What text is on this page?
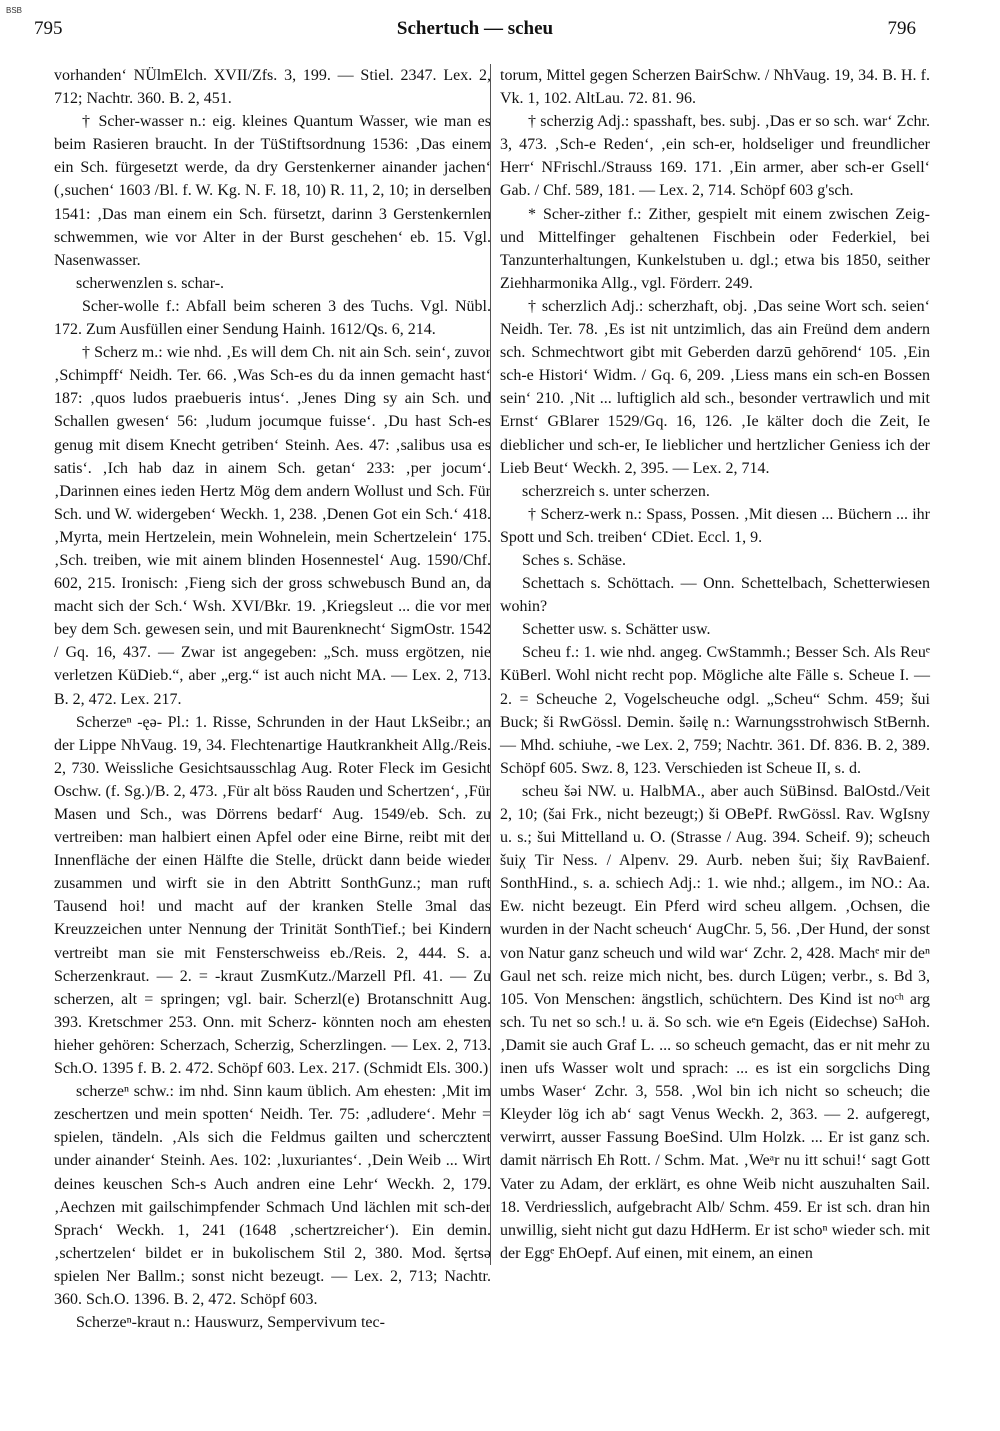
BSB
795	Schertuch — scheu	796

vorhanden‘ NÜlmElch. XVII/Zfs. 3, 199. — Stiel. 2347. Lex. 2, 712; Nachtr. 360. B. 2, 451.

† Scher-wasser n.: eig. kleines Quantum Wasser, wie man es beim Rasieren braucht. In der TüStiftsordnung 1536: ‚Das einem ein Sch. fürgesetzt werde, da dry Gerstenkerner ainander jachen‘ (‚suchen‘ 1603 /Bl. f. W. Kg. N. F. 18, 10) R. 11, 2, 10; in derselben 1541: ‚Das man einem ein Sch. fürsetzt, darinn 3 Gerstenkernlen schwemmen, wie vor Alter in der Burst geschehen‘ eb. 15. Vgl. Nasenwasser.

scherwenzlen s. schar-.

Scher-wolle f.: Abfall beim scheren 3 des Tuchs. Vgl. Nübl. 172. Zum Ausfüllen einer Sendung Hainh. 1612/Qs. 6, 214.

† Scherz m.: wie nhd. ‚Es will dem Ch. nit ain Sch. sein‘, zuvor ‚Schimpff‘ Neidh. Ter. 66. ‚Was Sch-es du da innen gemacht hast‘ 187: ‚quos ludos praebueris intus‘. ‚Jenes Ding sy ain Sch. und Schallen gwesen‘ 56: ‚ludum jocumque fuisse‘. ‚Du hast Sch-es genug mit disem Knecht getriben‘ Steinh. Aes. 47: ‚salibus usa es satis‘. ‚Ich hab daz in ainem Sch. getan‘ 233: ‚per jocum‘. ‚Darinnen eines ieden Hertz Mög dem andern Wollust und Sch. Für Sch. und W. widergeben‘ Weckh. 1, 238. ‚Denen Got ein Sch.‘ 418. ‚Myrta, mein Hertzelein, mein Wohnelein, mein Schertzelein‘ 175. ‚Sch. treiben, wie mit ainem blinden Hosennestel‘ Aug. 1590/Chf. 602, 215. Ironisch: ‚Fieng sich der gross schwebusch Bund an, da macht sich der Sch.‘ Wsh. XVI/Bkr. 19. ‚Kriegsleut ... die vor mer bey dem Sch. gewesen sein, und mit Baurenknecht‘ SigmOstr. 1542 / Gq. 16, 437. — Zwar ist angegeben: „Sch. muss ergötzen, nie verletzen KüDieb.“, aber „erg.“ ist auch nicht MA. — Lex. 2, 713. B. 2, 472. Lex. 217.

Scherzeⁿ -ęə- Pl.: 1. Risse, Schrunden in der Haut LkSeibr.; an der Lippe NhVaug. 19, 34. Flechtenartige Hautkrankheit Allg./Reis. 2, 730. Weissliche Gesichtsausschlag Aug. Roter Fleck im Gesicht Oschw. (f. Sg.)/B. 2, 473. ‚Für alt böss Rauden und Schertzen‘, ‚Für Masen und Sch., was Dörrens bedarf‘ Aug. 1549/eb. Sch. zu vertreiben: man halbiert einen Apfel oder eine Birne, reibt mit der Innenfläche der einen Hälfte die Stelle, drückt dann beide wieder zusammen und wirft sie in den Abtritt SonthGunz.; man ruft Tausend hoi! und macht auf der kranken Stelle 3mal das Kreuzzeichen unter Nennung der Trinität SonthTief.; bei Kindern vertreibt man sie mit Fensterschweiss eb./Reis. 2, 444. S. a. Scherzenkraut. — 2. = -kraut ZusmKutz./Marzell Pfl. 41. — Zu scherzen, alt = springen; vgl. bair. Scherzl(e) Brotanschnitt Aug. 393. Kretschmer 253. Onn. mit Scherz- könnten noch am ehesten hieher gehören: Scherzach, Scherzig, Scherzlingen. — Lex. 2, 713. Sch.O. 1395 f. B. 2. 472. Schöpf 603. Lex. 217. (Schmidt Els. 300.)

scherzeⁿ schw.: im nhd. Sinn kaum üblich. Am ehesten: ‚Mit im zeschertzen und mein spotten‘ Neidh. Ter. 75: ‚adludere‘. Mehr = spielen, tändeln. ‚Als sich die Feldmus gailten und schercztent under ainander‘ Steinh. Aes. 102: ‚luxuriantes‘. ‚Dein Weib ... Wirt deines keuschen Sch-s Auch andren eine Lehr‘ Weckh. 2, 179. ‚Aechzen mit gailschimpfender Schmach Und lächlen mit sch-der Sprach‘ Weckh. 1, 241 (1648 ‚schertzreicher‘). Ein demin. ‚schertzelen‘ bildet er in bukolischem Stil 2, 380. Mod. šęrtsə spielen Ner Ballm.; sonst nicht bezeugt. — Lex. 2, 713; Nachtr. 360. Sch.O. 1396. B. 2, 472. Schöpf 603.

Scherzeⁿ-kraut n.: Hauswurz, Sempervivum tec-

torum, Mittel gegen Scherzen BairSchw. / NhVaug. 19, 34. B. H. f. Vk. 1, 102. AltLau. 72. 81. 96.

† scherzig Adj.: spasshaft, bes. subj. ‚Das er so sch. war‘ Zchr. 3, 473. ‚Sch-e Reden‘, ‚ein sch-er, holdseliger und freundlicher Herr‘ NFrischl./Strauss 169. 171. ‚Ein armer, aber sch-er Gsell‘ Gab. / Chf. 589, 181. — Lex. 2, 714. Schöpf 603 g'sch.

* Scher-zither f.: Zither, gespielt mit einem zwischen Zeig- und Mittelfinger gehaltenen Fischbein oder Federkiel, bei Tanzunterhaltungen, Kunkelstuben u. dgl.; etwa bis 1850, seither Ziehharmonika Allg., vgl. Förderr. 249.

† scherzlich Adj.: scherzhaft, obj. ‚Das seine Wort sch. seien‘ Neidh. Ter. 78. ‚Es ist nit untzimlich, das ain Freünd dem andern sch. Schmechtwort gibt mit Geberden darzū gehōrend‘ 105. ‚Ein sch-e Histori‘ Widm. / Gq. 6, 209. ‚Liess mans ein sch-en Bossen sein‘ 210. ‚Nit ... luftiglich ald sch., besonder vertrawlich und mit Ernst‘ GBlarer 1529/Gq. 16, 126. ‚Ie kälter doch die Zeit, Ie dieblicher und sch-er, Ie lieblicher und hertzlicher Geniess ich der Lieb Beut‘ Weckh. 2, 395. — Lex. 2, 714.

scherzreich s. unter scherzen.

† Scherz-werk n.: Spass, Possen. ‚Mit diesen ... Büchern ... ihr Spott und Sch. treiben‘ CDiet. Eccl. 1, 9.

Sches s. Schäse.

Schettach s. Schöttach. — Onn. Schettelbach, Schetterwiesen wohin?

Schetter usw. s. Schätter usw.

Scheu f.: 1. wie nhd. angeg. CwStammh.; Besser Sch. Als Reuᵉ KüBerl. Wohl nicht recht pop. Mögliche alte Fälle s. Scheue I. — 2. = Scheuche 2, Vogelscheuche odgl. „Scheu“ Schm. 459; šui Buck; ši RwGössl. Demin. šəilę n.: Warnungsstrohwisch StBernh. — Mhd. schiuhe, -we Lex. 2, 759; Nachtr. 361. Df. 836. B. 2, 389. Schöpf 605. Swz. 8, 123. Verschieden ist Scheue II, s. d.

scheu šəi NW. u. HalbMA., aber auch SüBinsd. BalOstd./Veit 2, 10; (šai Frk., nicht bezeugt;) ši OBePf. RwGössl. Rav. WgIsny u. s.; šui Mittelland u. O. (Strasse / Aug. 394. Scheif. 9); scheuch šuiχ Tir Ness. / Alpenv. 29. Aurb. neben šui; šiχ RavBaienf. SonthHind., s. a. schiech Adj.: 1. wie nhd.; allgem., im NO.: Aa. Ew. nicht bezeugt. Ein Pferd wird scheu allgem. ‚Ochsen, die wurden in der Nacht scheuch‘ AugChr. 5, 56. ‚Der Hund, der sonst von Natur ganz scheuch und wild war‘ Zchr. 2, 428. Machᵉ mir deⁿ Gaul net sch. reize mich nicht, bes. durch Lügen; verbr., s. Bd 3, 105. Von Menschen: ängstlich, schüchtern. Des Kind ist noᶜʰ arg sch. Tu net so sch.! u. ä. So sch. wie eᵉn Egeis (Eidechse) SaHoh. ‚Damit sie auch Graf L. ... so scheuch gemacht, das er nit mehr zu inen ufs Wasser wolt und sprach: ... es ist ein sorgclichs Ding umbs Waser‘ Zchr. 3, 558. ‚Wol bin ich nicht so scheuch; die Kleyder lög ich ab‘ sagt Venus Weckh. 2, 363. — 2. aufgeregt, verwirrt, ausser Fassung BoeSind. Ulm Holzk. ... Er ist ganz sch. damit närrisch Eh Rott. / Schm. Mat. ‚Weᵃr nu itt schui!‘ sagt Gott Vater zu Adam, der erklärt, es ohne Weib nicht auszuhalten Sail. 18. Verdriesslich, aufgebracht Alb/ Schm. 459. Er ist sch. dran hin unwillig, sieht nicht gut dazu HdHerm. Er ist schoⁿ wieder sch. mit der Eggᵉ EhOepf. Auf einen, mit einem, an einen
